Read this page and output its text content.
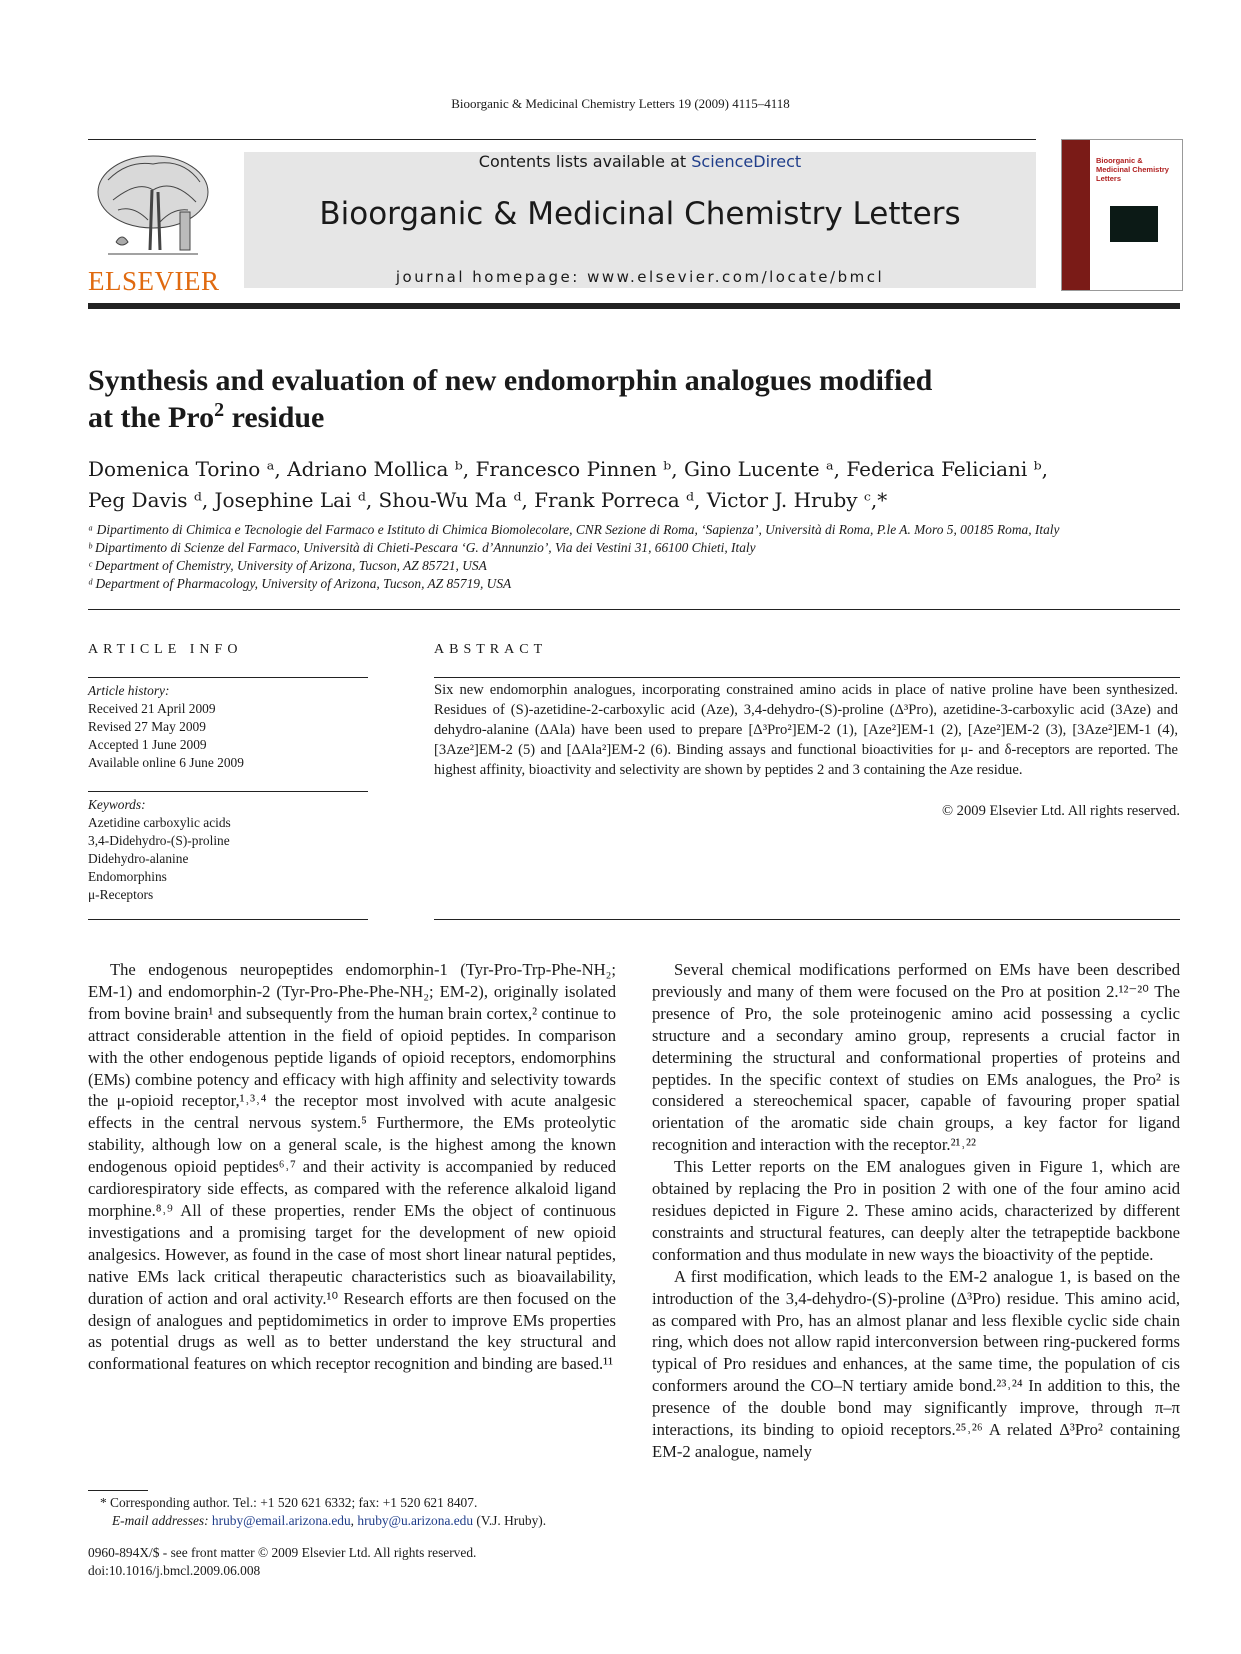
Bioorganic & Medicinal Chemistry Letters 19 (2009) 4115–4118
ELSEVIER
Contents lists available at ScienceDirect
Bioorganic & Medicinal Chemistry Letters
journal homepage: www.elsevier.com/locate/bmcl
Bioorganic & Medicinal Chemistry Letters
Synthesis and evaluation of new endomorphin analogues modified
at the Pro$^2$ residue
Domenica Torino ᵃ, Adriano Mollica ᵇ, Francesco Pinnen ᵇ, Gino Lucente ᵃ, Federica Feliciani ᵇ,
Peg Davis ᵈ, Josephine Lai ᵈ, Shou-Wu Ma ᵈ, Frank Porreca ᵈ, Victor J. Hruby ᶜ,*
ᵃ Dipartimento di Chimica e Tecnologie del Farmaco e Istituto di Chimica Biomolecolare, CNR Sezione di Roma, ‘Sapienza’, Università di Roma, P.le A. Moro 5, 00185 Roma, Italy
ᵇ Dipartimento di Scienze del Farmaco, Università di Chieti-Pescara ‘G. d’Annunzio’, Via dei Vestini 31, 66100 Chieti, Italy
ᶜ Department of Chemistry, University of Arizona, Tucson, AZ 85721, USA
ᵈ Department of Pharmacology, University of Arizona, Tucson, AZ 85719, USA
ARTICLE INFO
Article history:
Received 21 April 2009
Revised 27 May 2009
Accepted 1 June 2009
Available online 6 June 2009
Keywords:
Azetidine carboxylic acids
3,4-Didehydro-(S)-proline
Didehydro-alanine
Endomorphins
μ-Receptors
ABSTRACT
Six new endomorphin analogues, incorporating constrained amino acids in place of native proline have been synthesized. Residues of (S)-azetidine-2-carboxylic acid (Aze), 3,4-dehydro-(S)-proline (Δ³Pro), azetidine-3-carboxylic acid (3Aze) and dehydro-alanine (ΔAla) have been used to prepare [Δ³Pro²]EM-2 (1), [Aze²]EM-1 (2), [Aze²]EM-2 (3), [3Aze²]EM-1 (4), [3Aze²]EM-2 (5) and [ΔAla²]EM-2 (6). Binding assays and functional bioactivities for μ- and δ-receptors are reported. The highest affinity, bioactivity and selectivity are shown by peptides 2 and 3 containing the Aze residue.
© 2009 Elsevier Ltd. All rights reserved.

The endogenous neuropeptides endomorphin-1 (Tyr-Pro-Trp-Phe-NH₂; EM-1) and endomorphin-2 (Tyr-Pro-Phe-Phe-NH₂; EM-2), originally isolated from bovine brain¹ and subsequently from the human brain cortex,² continue to attract considerable attention in the field of opioid peptides. In comparison with the other endogenous peptide ligands of opioid receptors, endomorphins (EMs) combine potency and efficacy with high affinity and selectivity towards the μ-opioid receptor,¹˒³˒⁴ the receptor most involved with acute analgesic effects in the central nervous system.⁵ Furthermore, the EMs proteolytic stability, although low on a general scale, is the highest among the known endogenous opioid peptides⁶˒⁷ and their activity is accompanied by reduced cardiorespiratory side effects, as compared with the reference alkaloid ligand morphine.⁸˒⁹ All of these properties, render EMs the object of continuous investigations and a promising target for the development of new opioid analgesics. However, as found in the case of most short linear natural peptides, native EMs lack critical therapeutic characteristics such as bioavailability, duration of action and oral activity.¹⁰ Research efforts are then focused on the design of analogues and peptidomimetics in order to improve EMs properties as potential drugs as well as to better understand the key structural and conformational features on which receptor recognition and binding are based.¹¹

Several chemical modifications performed on EMs have been described previously and many of them were focused on the Pro at position 2.¹²⁻²⁰ The presence of Pro, the sole proteinogenic amino acid possessing a cyclic structure and a secondary amino group, represents a crucial factor in determining the structural and conformational properties of proteins and peptides. In the specific context of studies on EMs analogues, the Pro² is considered a stereochemical spacer, capable of favouring proper spatial orientation of the aromatic side chain groups, a key factor for ligand recognition and interaction with the receptor.²¹˒²²

This Letter reports on the EM analogues given in Figure 1, which are obtained by replacing the Pro in position 2 with one of the four amino acid residues depicted in Figure 2. These amino acids, characterized by different constraints and structural features, can deeply alter the tetrapeptide backbone conformation and thus modulate in new ways the bioactivity of the peptide.

A first modification, which leads to the EM-2 analogue 1, is based on the introduction of the 3,4-dehydro-(S)-proline (Δ³Pro) residue. This amino acid, as compared with Pro, has an almost planar and less flexible cyclic side chain ring, which does not allow rapid interconversion between ring-puckered forms typical of Pro residues and enhances, at the same time, the population of cis conformers around the CO–N tertiary amide bond.²³˒²⁴ In addition to this, the presence of the double bond may significantly improve, through π–π interactions, its binding to opioid receptors.²⁵˒²⁶ A related Δ³Pro² containing EM-2 analogue, namely

* Corresponding author. Tel.: +1 520 621 6332; fax: +1 520 621 8407.
E-mail addresses: hruby@email.arizona.edu, hruby@u.arizona.edu (V.J. Hruby).
0960-894X/$ - see front matter © 2009 Elsevier Ltd. All rights reserved.
doi:10.1016/j.bmcl.2009.06.008
